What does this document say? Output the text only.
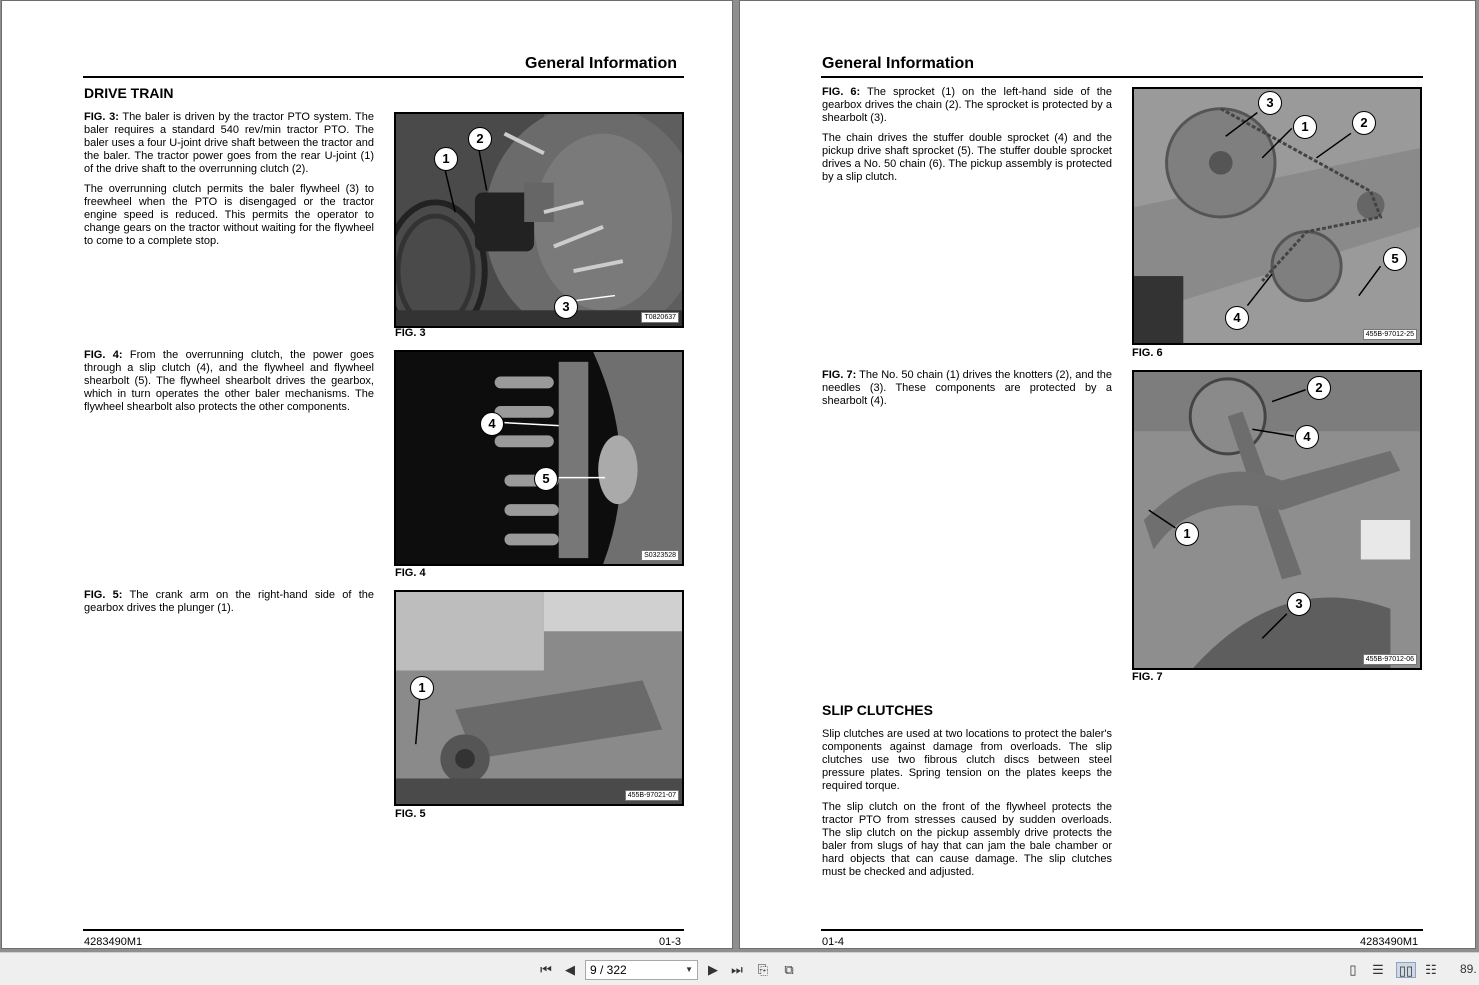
General Information
DRIVE TRAIN
FIG. 3: The baler is driven by the tractor PTO system. The baler requires a standard 540 rev/min tractor PTO. The baler uses a four U-joint drive shaft between the tractor and the baler. The tractor power goes from the rear U-joint (1) of the drive shaft to the overrunning clutch (2).
The overrunning clutch permits the baler flywheel (3) to freewheel when the PTO is disengaged or the tractor engine speed is reduced. This permits the operator to change gears on the tractor without waiting for the flywheel to come to a complete stop.
FIG. 4: From the overrunning clutch, the power goes through a slip clutch (4), and the flywheel and flywheel shearbolt (5). The flywheel shearbolt drives the gearbox, which in turn operates the other baler mechanisms. The flywheel shearbolt also protects the other components.
FIG. 5: The crank arm on the right-hand side of the gearbox drives the plunger (1).
1
2
3
T0820637
FIG. 3
4
5
S0323528
FIG. 4
1
455B-97021-07
FIG. 5
4283490M1	01-3
General Information
FIG. 6: The sprocket (1) on the left-hand side of the gearbox drives the chain (2). The sprocket is protected by a shearbolt (3).
The chain drives the stuffer double sprocket (4) and the pickup drive shaft sprocket (5). The stuffer double sprocket drives a No. 50 chain (6). The pickup assembly is protected by a slip clutch.
FIG. 7: The No. 50 chain (1) drives the knotters (2), and the needles (3). These components are protected by a shearbolt (4).
SLIP CLUTCHES
Slip clutches are used at two locations to protect the baler's components against damage from overloads. The slip clutches use two fibrous clutch discs between steel pressure plates. Spring tension on the plates keeps the required torque.
The slip clutch on the front of the flywheel protects the tractor PTO from stresses caused by sudden overloads. The slip clutch on the pickup assembly drive protects the baler from slugs of hay that can jam the bale chamber or hard objects that can cause damage. The slip clutches must be checked and adjusted.
3
1	2
5
4
455B-97012-25
FIG. 6
2
4
1
3
455B-97012-06
FIG. 7
01-4	4283490M1
⏮ ◀	9 / 322	▼ ▶ ⏭ ⎘ ⧉	▯	☰ ▯▯ ☷ 89.
